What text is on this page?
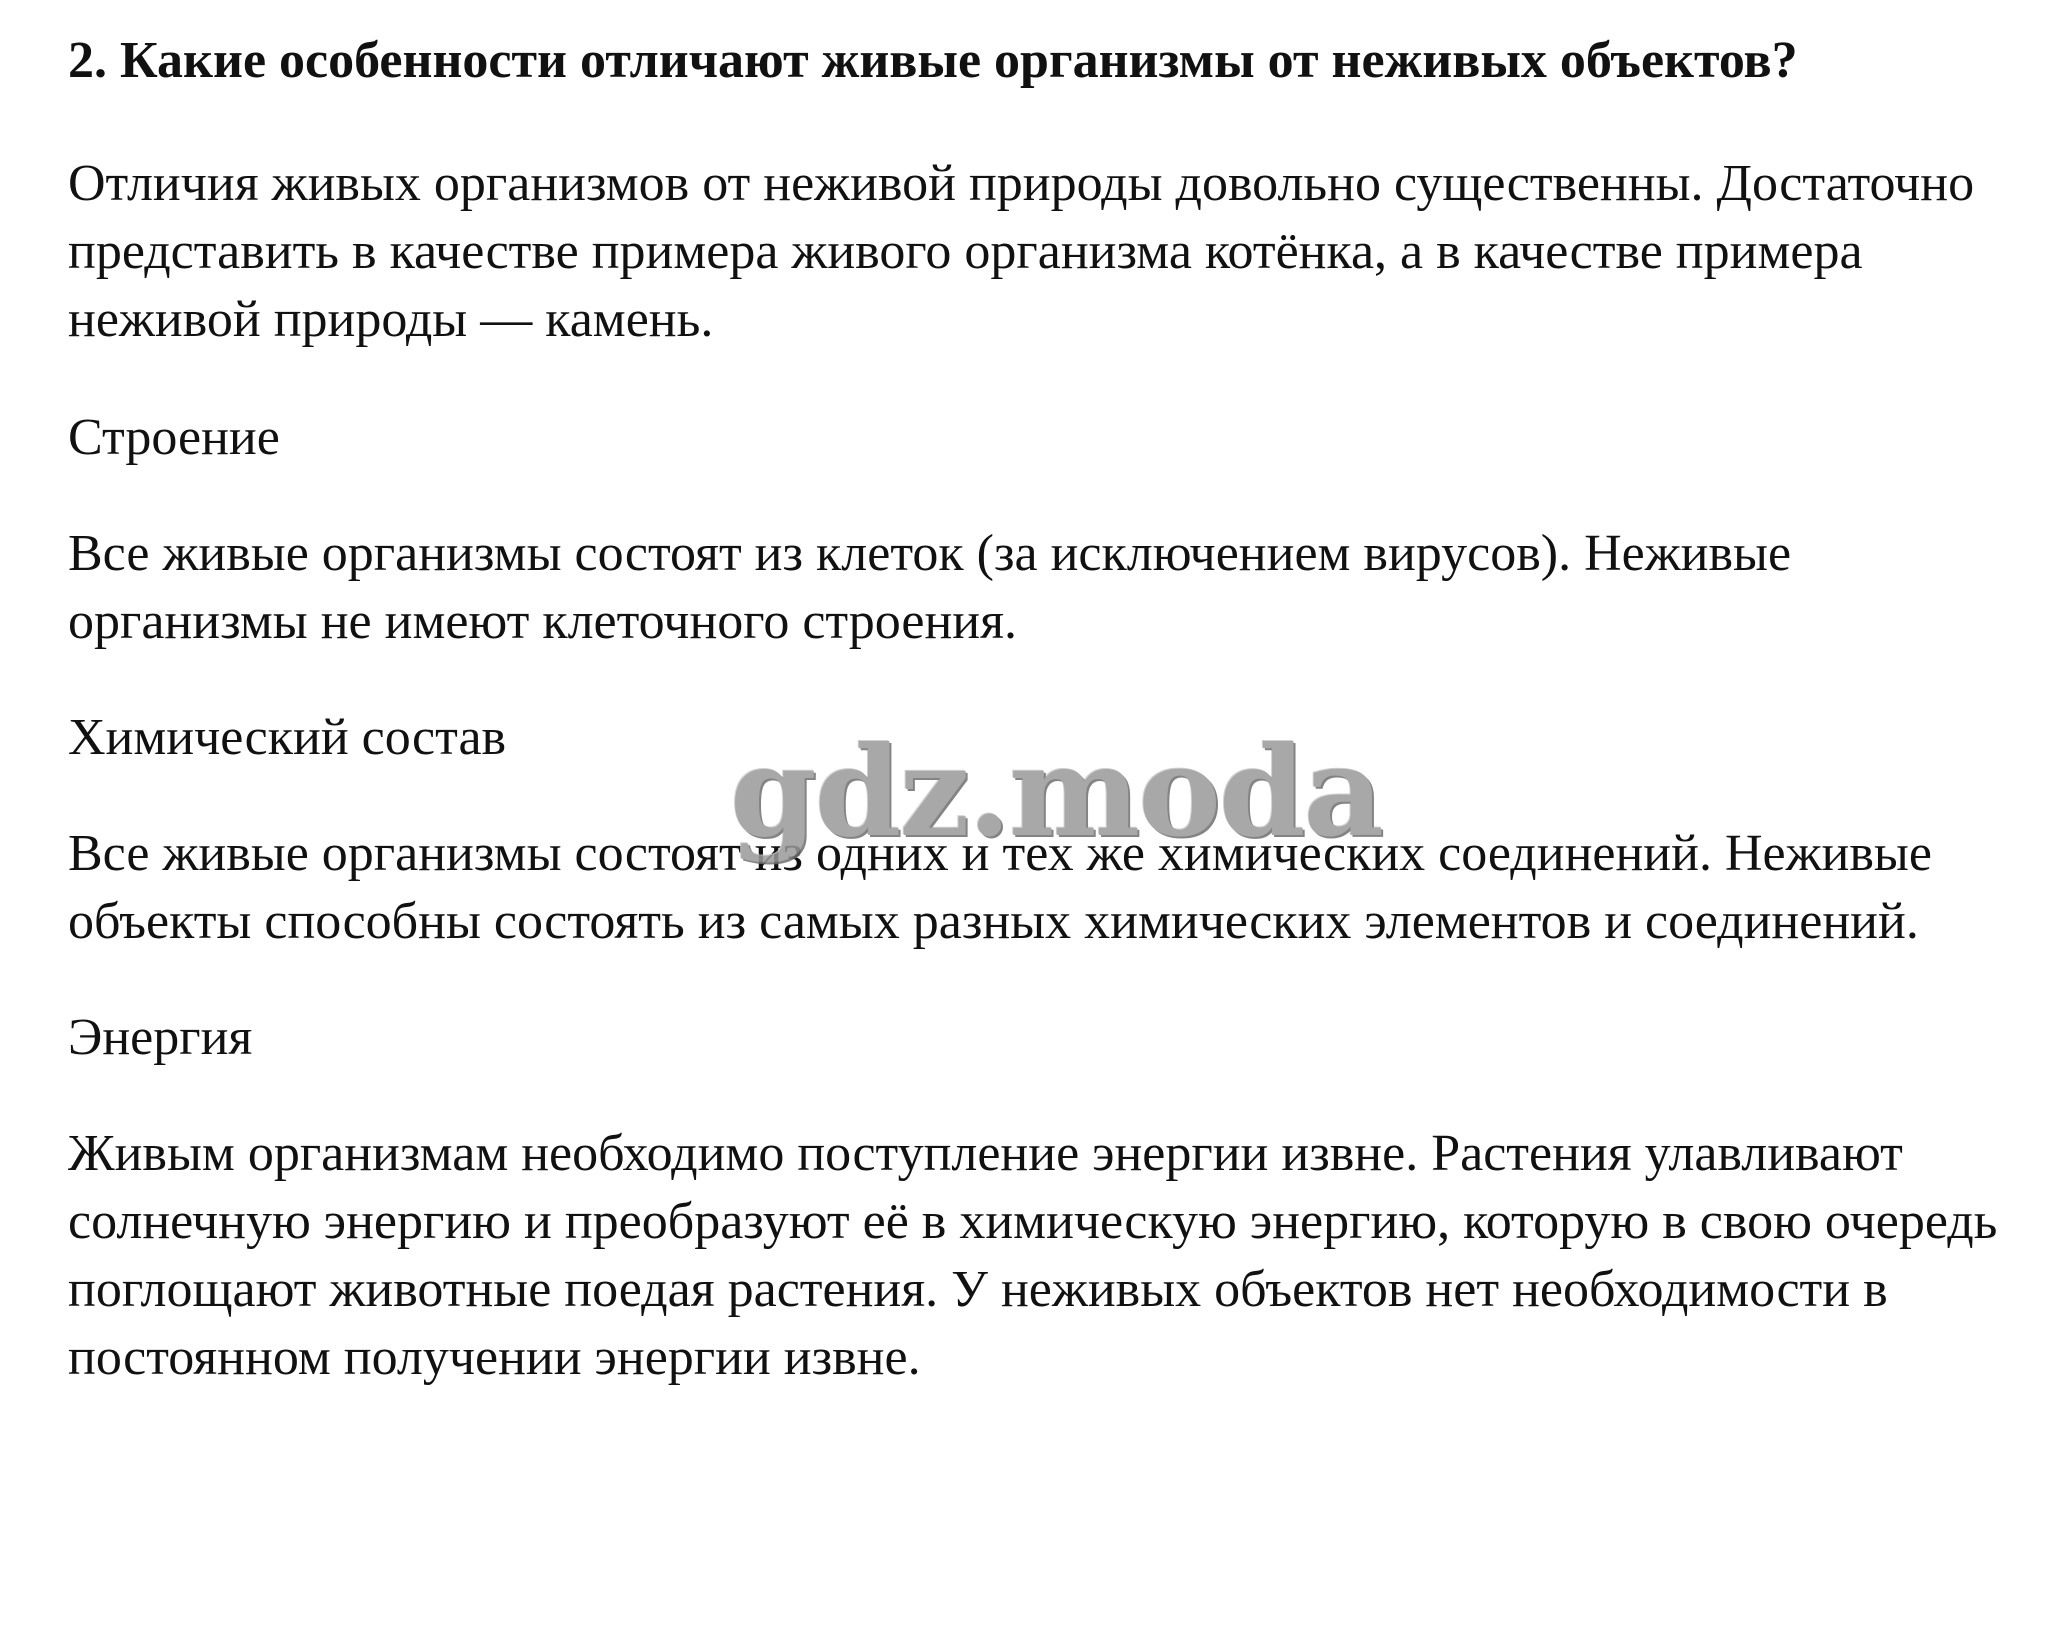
2. Какие особенности отличают живые организмы от неживых объектов?

Отличия живых организмов от неживой природы довольно существенны. Достаточно представить в качестве примера живого организма котёнка, а в качестве примера неживой природы — камень.

Строение

Все живые организмы состоят из клеток (за исключением вирусов). Неживые организмы не имеют клеточного строения.

Химический состав

Все живые организмы состоят из одних и тех же химических соединений. Неживые объекты способны состоять из самых разных химических элементов и соединений.

Энергия

Живым организмам необходимо поступление энергии извне. Растения улавливают солнечную энергию и преобразуют её в химическую энергию, которую в свою очередь поглощают животные поедая растения. У неживых объектов нет необходимости в постоянном получении энергии извне.

gdz.moda
